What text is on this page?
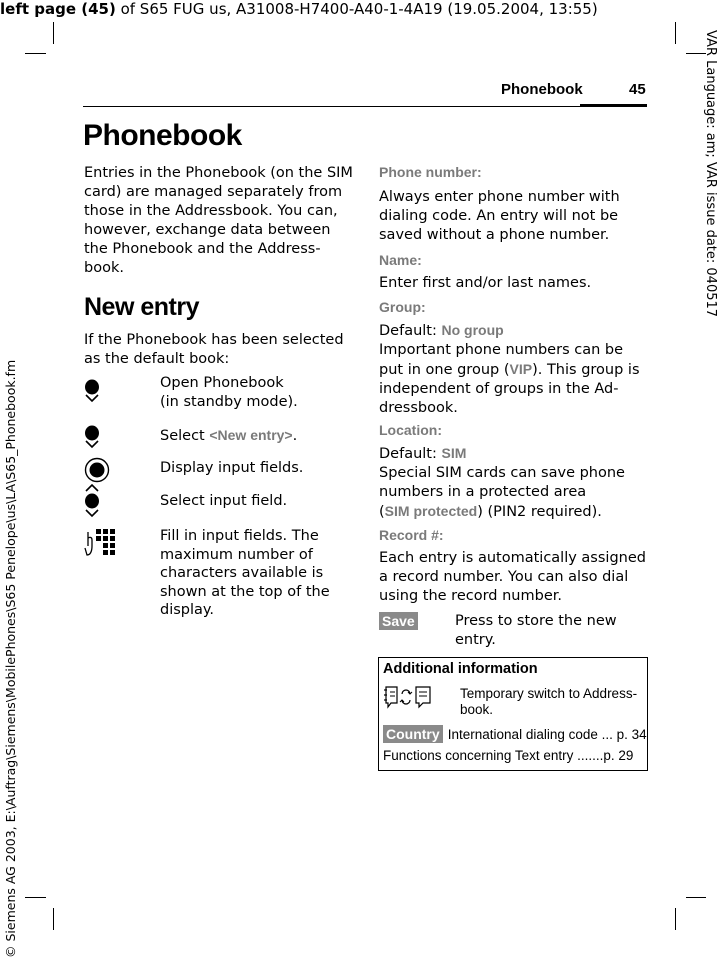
left page (45) of S65 FUG us, A31008-H7400-A40-1-4A19 (19.05.2004, 13:55)
VAR Language: am; VAR issue date: 040517
© Siemens AG 2003, E:\Auftrag\Siemens\MobilePhones\S65 Penelope\us\LA\S65_Phonebook.fm
Phonebook	45
Phonebook
Entries in the Phonebook (on the SIM
card) are managed separately from
those in the Addressbook. You can,
however, exchange data between
the Phonebook and the Address-
book.
New entry
If the Phonebook has been selected
as the default book:
Open Phonebook
(in standby mode).
Select <New entry>.
Display input fields.
Select input field.
Fill in input fields. The
maximum number of
characters available is
shown at the top of the
display.
Phone number:
Always enter phone number with
dialing code. An entry will not be
saved without a phone number.
Name:
Enter first and/or last names.
Group:
Default: No group
Important phone numbers can be
put in one group (VIP). This group is
independent of groups in the Ad-
dressbook.
Location:
Default: SIM
Special SIM cards can save phone
numbers in a protected area
(SIM protected) (PIN2 required).
Record #:
Each entry is automatically assigned
a record number. You can also dial
using the record number.
Save	Press to store the new
entry.
Additional information
Temporary switch to Address-
book.
Country International dialing code ... p. 34
Functions concerning Text entry .......p. 29
